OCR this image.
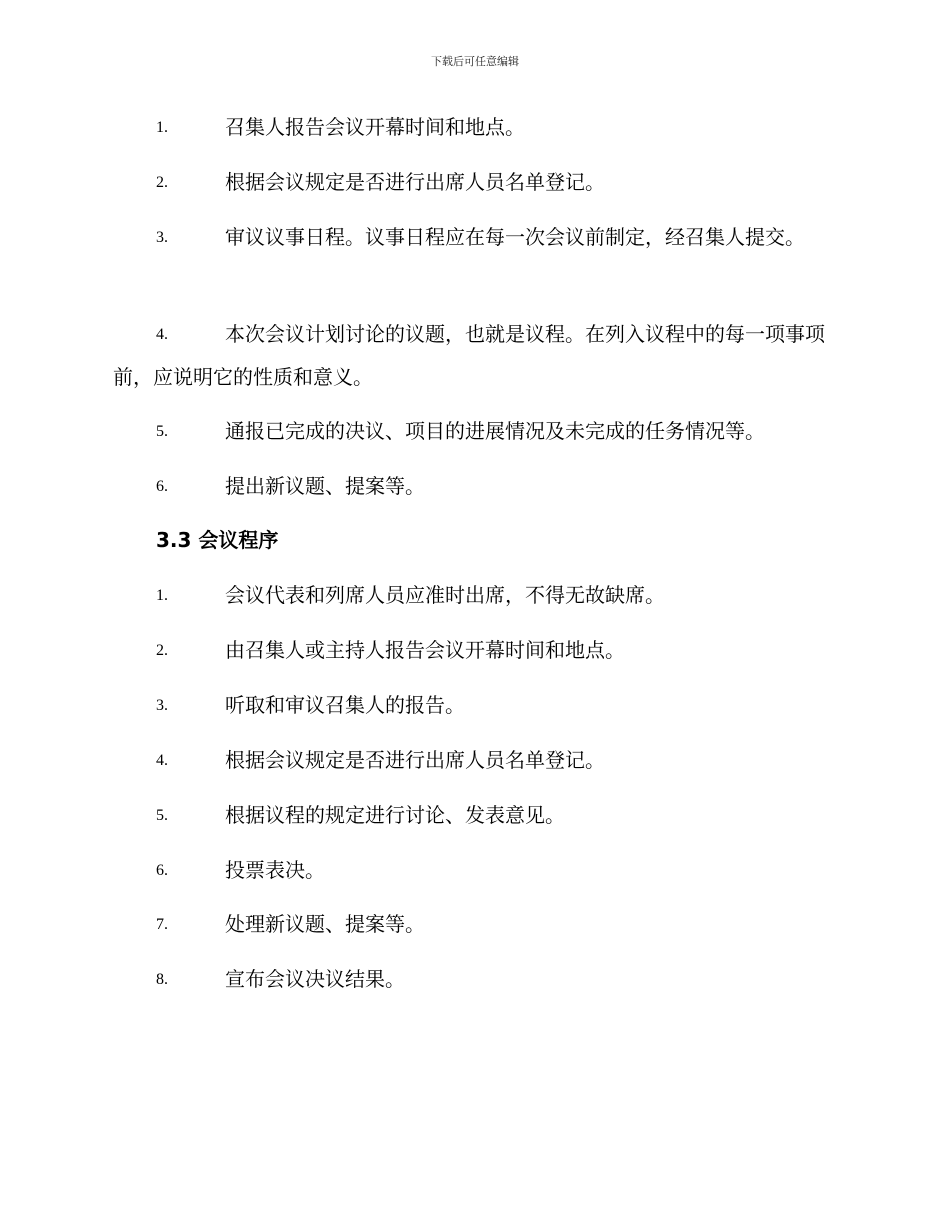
下载后可任意编辑
1.	召集人报告会议开幕时间和地点。
2.	根据会议规定是否进行出席人员名单登记。
3.	审议议事日程。议事日程应在每一次会议前制定，经召集人提交。
4.	本次会议计划讨论的议题，也就是议程。在列入议程中的每一项事项前，应说明它的性质和意义。
5.	通报已完成的决议、项目的进展情况及未完成的任务情况等。
6.	提出新议题、提案等。
3.3 会议程序
1.	会议代表和列席人员应准时出席，不得无故缺席。
2.	由召集人或主持人报告会议开幕时间和地点。
3.	听取和审议召集人的报告。
4.	根据会议规定是否进行出席人员名单登记。
5.	根据议程的规定进行讨论、发表意见。
6.	投票表决。
7.	处理新议题、提案等。
8.	宣布会议决议结果。
